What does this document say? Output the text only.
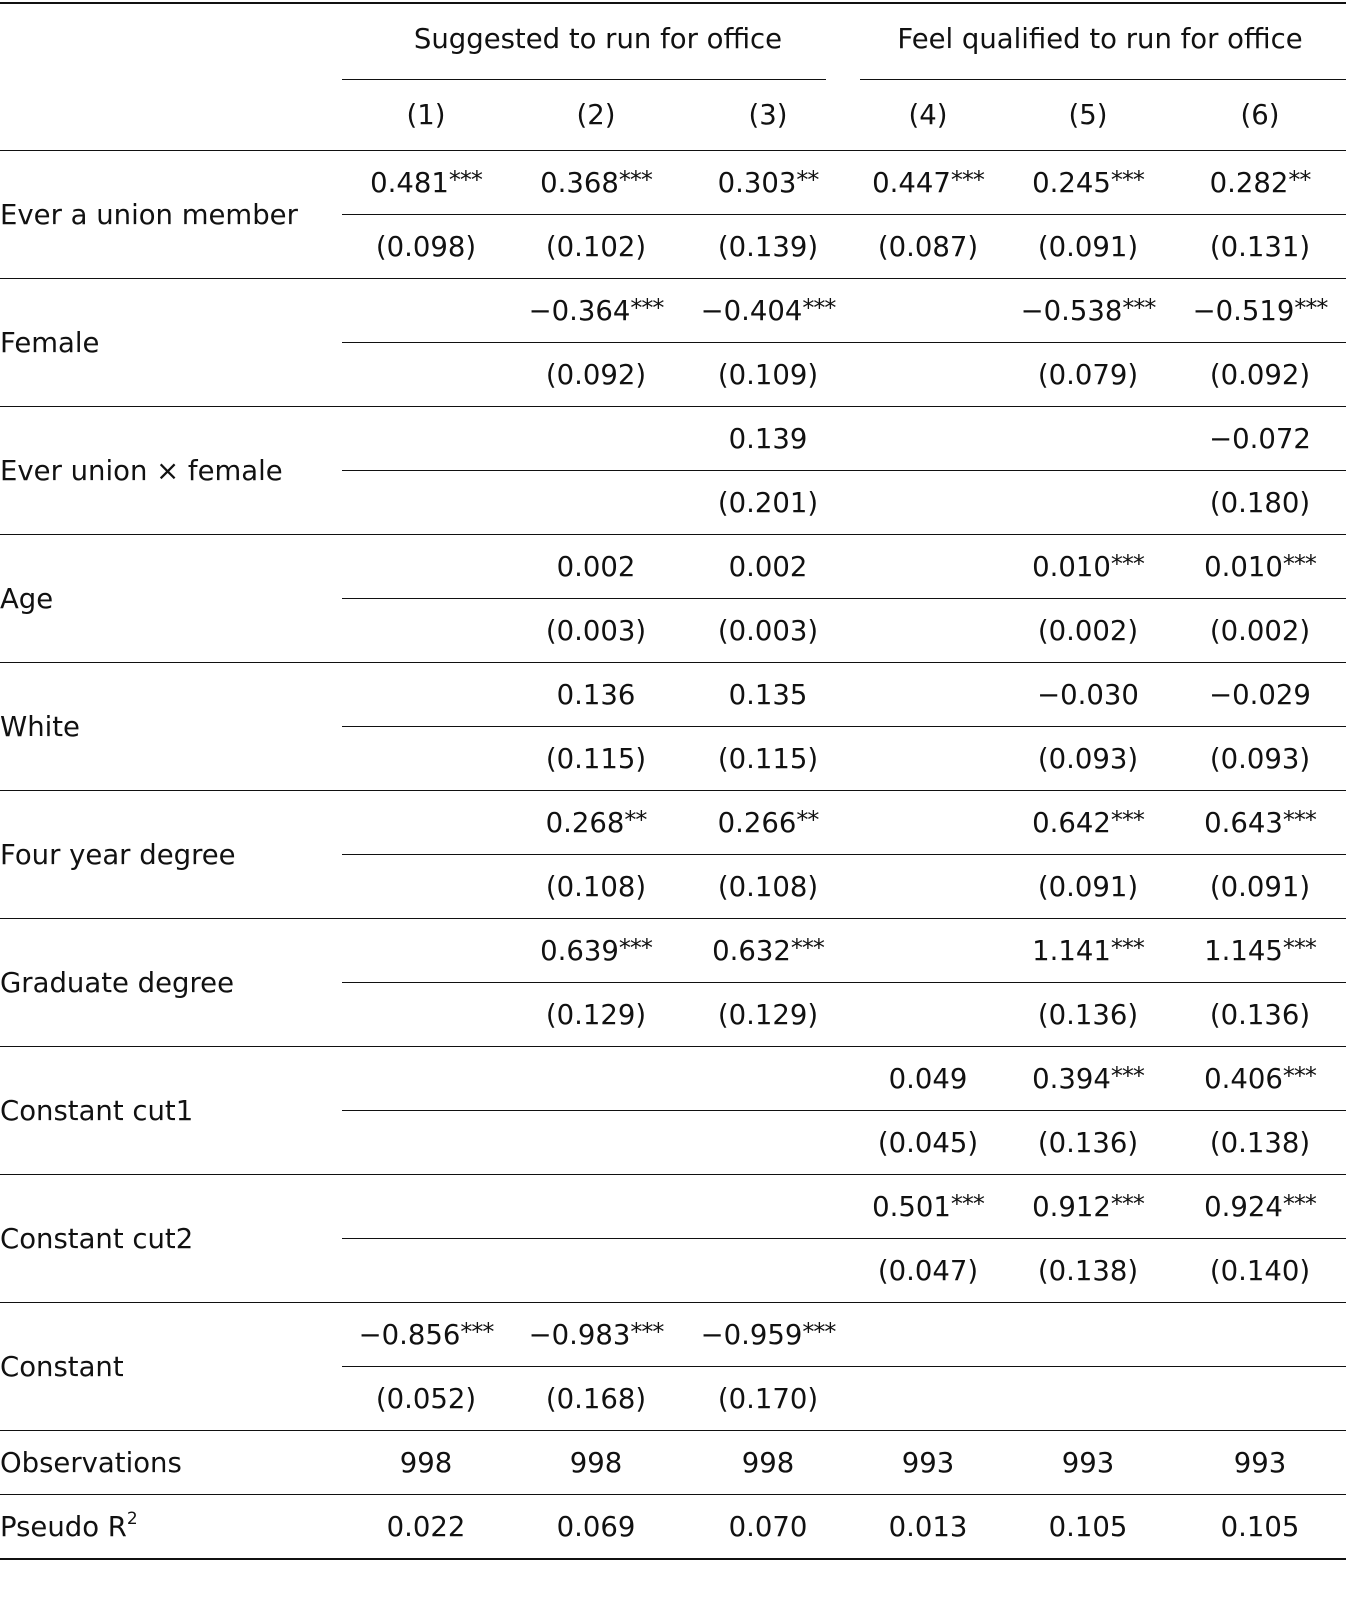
	Suggested to run for office			Feel qualified to run for office		

	(1)	(2)	(3)	(4)	(5)	(6)
Ever a union member	0.481***	0.368***	0.303**	0.447***	0.245***	0.282**
	(0.098)	(0.102)	(0.139)	(0.087)	(0.091)	(0.131)
Female		−0.364***	−0.404***		−0.538***	−0.519***
		(0.092)	(0.109)		(0.079)	(0.092)
Ever union × female			0.139			−0.072
			(0.201)			(0.180)
Age		0.002	0.002		0.010***	0.010***
		(0.003)	(0.003)		(0.002)	(0.002)
White		0.136	0.135		−0.030	−0.029
		(0.115)	(0.115)		(0.093)	(0.093)
Four year degree		0.268**	0.266**		0.642***	0.643***
		(0.108)	(0.108)		(0.091)	(0.091)
Graduate degree		0.639***	0.632***		1.141***	1.145***
		(0.129)	(0.129)		(0.136)	(0.136)
Constant cut1				0.049	0.394***	0.406***
				(0.045)	(0.136)	(0.138)
Constant cut2				0.501***	0.912***	0.924***
				(0.047)	(0.138)	(0.140)
Constant	−0.856***	−0.983***	−0.959***			
	(0.052)	(0.168)	(0.170)			
Observations	998	998	998	993	993	993
Pseudo $R^2$	0.022	0.069	0.070	0.013	0.105	0.105
